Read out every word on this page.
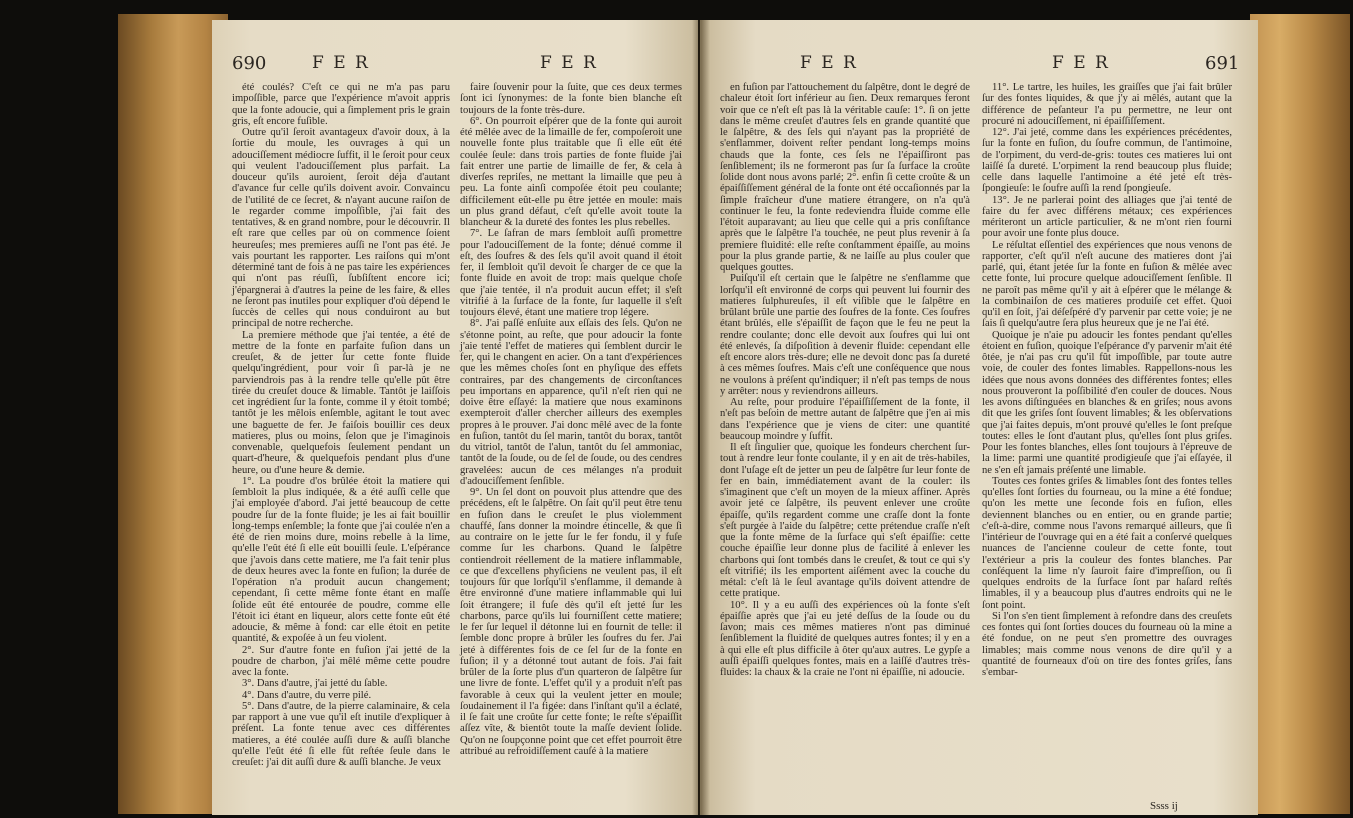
690	F E R	F E R	F E R	F E R	691

été coulés? C'eſt ce qui ne m'a pas paru impoſſible, parce que l'expérience m'avoit appris que la fonte adoucie, qui a ſimplement pris le grain gris, eſt encore fuſible.

Outre qu'il ſeroit avantageux d'avoir doux, à la ſortie du moule, les ouvrages à qui un adouciſſement médiocre ſuffit, il le ſeroit pour ceux qui veulent l'adouciſſement plus parfait. La douceur qu'ils auroient, ſeroit déja d'autant d'avance fur celle qu'ils doivent avoir. Convaincu de l'utilité de ce ſecret, & n'ayant aucune raiſon de le regarder comme impoſſible, j'ai fait des tentatives, & en grand nombre, pour le découvrir. Il eſt rare que celles par où on commence ſoient heureuſes; mes premieres auſſi ne l'ont pas été. Je vais pourtant les rapporter. Les raiſons qui m'ont déterminé tant de fois à ne pas taire les expériences qui n'ont pas réuſſi, ſubſiſtent encore ici; j'épargnerai à d'autres la peine de les faire, & elles ne ſeront pas inutiles pour expliquer d'où dépend le ſuccès de celles qui nous conduiront au but principal de notre recherche.

La premiere méthode que j'ai tentée, a été de mettre de la fonte en parfaite fuſion dans un creuſet, & de jetter ſur cette fonte fluide quelqu'ingrédient, pour voir ſi par-là je ne parviendrois pas à la rendre telle qu'elle pût être tirée du creuſet douce & limable. Tantôt je laiſſois cet ingrédient ſur la fonte, comme il y étoit tombé; tantôt je les mêlois enſemble, agitant le tout avec une baguette de fer. Je faiſois bouillir ces deux matieres, plus ou moins, ſelon que je l'imaginois convenable, quelquefois ſeulement pendant un quart-d'heure, & quelquefois pendant plus d'une heure, ou d'une heure & demie.

1°. La poudre d'os brûlée étoit la matiere qui ſembloit la plus indiquée, & a été auſſi celle que j'ai employée d'abord. J'ai jetté beaucoup de cette poudre ſur de la fonte fluide; je les ai fait bouillir long-temps enſemble; la fonte que j'ai coulée n'en a été de rien moins dure, moins rebelle à la lime, qu'elle l'eût été ſi elle eût bouilli ſeule. L'eſpérance que j'avois dans cette matiere, me l'a fait tenir plus de deux heures avec la fonte en fuſion; la durée de l'opération n'a produit aucun changement; cependant, ſi cette même fonte étant en maſſe ſolide eût été entourée de poudre, comme elle l'étoit ici étant en liqueur, alors cette fonte eût été adoucie, & même à fond: car elle étoit en petite quantité, & expoſée à un feu violent.

2°. Sur d'autre fonte en fuſion j'ai jetté de la poudre de charbon, j'ai mêlé même cette poudre avec la fonte.

3°. Dans d'autre, j'ai jetté du ſable.

4°. Dans d'autre, du verre pilé.

5°. Dans d'autre, de la pierre calaminaire, & cela par rapport à une vue qu'il eſt inutile d'expliquer à préſent. La fonte tenue avec ces différentes matieres, a été coulée auſſi dure & auſſi blanche qu'elle l'eût été ſi elle fût reſtée ſeule dans le creuſet: j'ai dit auſſi dure & auſſi blanche. Je veux

faire ſouvenir pour la ſuite, que ces deux termes ſont ici ſynonymes: de la fonte bien blanche eſt toujours de la fonte très-dure.

6°. On pourroit eſpérer que de la fonte qui auroit été mêlée avec de la limaille de fer, compoſeroit une nouvelle fonte plus traitable que ſi elle eût été coulée ſeule: dans trois parties de fonte fluide j'ai fait entrer une partie de limaille de fer, & cela à diverſes repriſes, ne mettant la limaille que peu à peu. La fonte ainſi compoſée étoit peu coulante; difficilement eût-elle pu être jettée en moule: mais un plus grand défaut, c'eſt qu'elle avoit toute la blancheur & la dureté des fontes les plus rebelles.

7°. Le ſafran de mars ſembloit auſſi promettre pour l'adouciſſement de la fonte; dénué comme il eſt, des ſoufres & des ſels qu'il avoit quand il étoit fer, il ſembloit qu'il devoit ſe charger de ce que la fonte fluide en avoit de trop: mais quelque choſe que j'aie tentée, il n'a produit aucun effet; il s'eſt vitrifié à la ſurface de la fonte, ſur laquelle il s'eſt toujours élevé, étant une matiere trop légere.

8°. J'ai paſſé enſuite aux eſſais des ſels. Qu'on ne s'étonne point, au reſte, que pour adoucir la fonte j'aie tenté l'effet de matieres qui ſemblent durcir le fer, qui le changent en acier. On a tant d'expériences que les mêmes choſes ſont en phyſique des effets contraires, par des changements de circonſtances peu importans en apparence, qu'il n'eſt rien qui ne doive être eſſayé: la matiere que nous examinons exempteroit d'aller chercher ailleurs des exemples propres à le prouver. J'ai donc mêlé avec de la fonte en fuſion, tantôt du ſel marin, tantôt du borax, tantôt du vitriol, tantôt de l'alun, tantôt du ſel ammoniac, tantôt de la ſoude, ou de ſel de ſoude, ou des cendres gravelées: aucun de ces mélanges n'a produit d'adouciſſement ſenſible.

9°. Un ſel dont on pouvoit plus attendre que des précédens, eſt le ſalpêtre. On ſait qu'il peut être tenu en fuſion dans le creuſet le plus violemment chauffé, ſans donner la moindre étincelle, & que ſi au contraire on le jette ſur le fer fondu, il y fuſe comme ſur les charbons. Quand le ſalpêtre contiendroit réellement de la matiere inflammable, ce que d'excellens phyſiciens ne veulent pas, il eſt toujours ſûr que lorſqu'il s'enflamme, il demande à être environné d'une matiere inflammable qui lui ſoit étrangere; il fuſe dès qu'il eſt jetté ſur les charbons, parce qu'ils lui fourniſſent cette matiere; le fer ſur lequel il détonne lui en fournit de telle: il ſemble donc propre à brûler les ſoufres du fer. J'ai jeté à différentes fois de ce ſel ſur de la fonte en fuſion; il y a détonné tout autant de fois. J'ai fait brûler de la ſorte plus d'un quarteron de ſalpêtre ſur une livre de fonte. L'effet qu'il y a produit n'eſt pas favorable à ceux qui la veulent jetter en moule; ſoudainement il l'a figée: dans l'inſtant qu'il a éclaté, il ſe fait une croûte ſur cette fonte; le reſte s'épaiſſit aſſez vîte, & bientôt toute la maſſe devient ſolide. Qu'on ne ſoupçonne point que cet effet pourroit être attribué au refroidiſſement cauſé à la matiere

en fuſion par l'attouchement du ſalpêtre, dont le degré de chaleur étoit ſort inférieur au ſien. Deux remarques feront voir que ce n'eſt eſt pas là la véritable cauſe: 1°. ſi on jette dans le même creuſet d'autres ſels en grande quantité que le ſalpêtre, & des ſels qui n'ayant pas la propriété de s'enflammer, doivent reſter pendant long-temps moins chauds que la fonte, ces ſels ne l'épaiſſiront pas ſenſiblement; ils ne formeront pas ſur ſa ſurface la croûte ſolide dont nous avons parlé; 2°. enfin ſi cette croûte & un épaiſſiſſement général de la fonte ont été occaſionnés par la ſimple fraîcheur d'une matiere étrangere, on n'a qu'à continuer le feu, la fonte redeviendra fluide comme elle l'étoit auparavant; au lieu que celle qui a pris conſiſtance après que le ſalpêtre l'a touchée, ne peut plus revenir à ſa premiere fluidité: elle reſte conſtamment épaiſſe, au moins pour la plus grande partie, & ne laiſſe au plus couler que quelques gouttes.

Puiſqu'il eſt certain que le ſalpêtre ne s'enflamme que lorſqu'il eſt environné de corps qui peuvent lui fournir des matieres ſulphureuſes, il eſt viſible que le ſalpêtre en brûlant brûle une partie des ſoufres de la fonte. Ces ſoufres étant brûlés, elle s'épaiſſit de façon que le feu ne peut la rendre coulante; donc elle devoit aux ſoufres qui lui ont été enlevés, ſa diſpoſition à devenir fluide: cependant elle eſt encore alors très-dure; elle ne devoit donc pas ſa dureté à ces mêmes ſoufres. Mais c'eſt une conſéquence que nous ne voulons à préſent qu'indiquer; il n'eſt pas temps de nous y arrêter: nous y reviendrons ailleurs.

Au reſte, pour produire l'épaiſſiſſement de la fonte, il n'eſt pas beſoin de mettre autant de ſalpêtre que j'en ai mis dans l'expérience que je viens de citer: une quantité beaucoup moindre y ſuffit.

Il eſt ſingulier que, quoique les fondeurs cherchent ſur-tout à rendre leur fonte coulante, il y en ait de très-habiles, dont l'uſage eſt de jetter un peu de ſalpêtre ſur leur fonte de fer en bain, immédiatement avant de la couler: ils s'imaginent que c'eſt un moyen de la mieux affiner. Après avoir jeté ce ſalpêtre, ils peuvent enlever une croûte épaiſſe, qu'ils regardent comme une craſſe dont la fonte s'eſt purgée à l'aide du ſalpêtre; cette prétendue craſſe n'eſt que la fonte même de la ſurface qui s'eſt épaiſſie: cette couche épaiſſie leur donne plus de facilité à enlever les charbons qui ſont tombés dans le creuſet, & tout ce qui s'y eſt vitrifié; ils les emportent aiſément avec la couche du métal: c'eſt là le ſeul avantage qu'ils doivent attendre de cette pratique.

10°. Il y a eu auſſi des expériences où la fonte s'eſt épaiſſie après que j'ai eu jeté deſſus de la ſoude ou du ſavon; mais ces mêmes matieres n'ont pas diminué ſenſiblement la fluidité de quelques autres fontes; il y en a à qui elle eſt plus difficile à ôter qu'aux autres. Le gypſe a auſſi épaiſſi quelques fontes, mais en a laiſſé d'autres très-fluides: la chaux & la craie ne l'ont ni épaiſſie, ni adoucie.

11°. Le tartre, les huiles, les graiſſes que j'ai fait brûler ſur des fontes liquides, & que j'y ai mêlés, autant que la différence de peſanteur l'a pu permettre, ne leur ont procuré ni adouciſſement, ni épaiſſiſſement.

12°. J'ai jeté, comme dans les expériences précédentes, ſur la fonte en fuſion, du ſoufre commun, de l'antimoine, de l'orpiment, du verd-de-gris: toutes ces matieres lui ont laiſſé ſa dureté. L'orpiment la rend beaucoup plus fluide; celle dans laquelle l'antimoine a été jeté eſt très-ſpongieuſe: le ſoufre auſſi la rend ſpongieuſe.

13°. Je ne parlerai point des alliages que j'ai tenté de faire du fer avec différens métaux; ces expériences mériteront un article particulier, & ne m'ont rien fourni pour avoir une fonte plus douce.

Le réſultat eſſentiel des expériences que nous venons de rapporter, c'eſt qu'il n'eſt aucune des matieres dont j'ai parlé, qui, étant jetée ſur la fonte en fuſion & mêlée avec cette fonte, lui procure quelque adouciſſement ſenſible. Il ne paroît pas même qu'il y ait à eſpérer que le mélange & la combinaiſon de ces matieres produiſe cet effet. Quoi qu'il en ſoit, j'ai déſeſpéré d'y parvenir par cette voie; je ne ſais ſi quelqu'autre ſera plus heureux que je ne l'ai été.

Quoique je n'aie pu adoucir les fontes pendant qu'elles étoient en fuſion, quoique l'eſpérance d'y parvenir m'ait été ôtée, je n'ai pas cru qu'il fût impoſſible, par toute autre voie, de couler des fontes limables. Rappellons-nous les idées que nous avons données des différentes fontes; elles nous prouveront la poſſibilité d'en couler de douces. Nous les avons diſtinguées en blanches & en griſes; nous avons dit que les griſes ſont ſouvent limables; & les obſervations que j'ai faites depuis, m'ont prouvé qu'elles le ſont preſque toutes: elles le ſont d'autant plus, qu'elles ſont plus griſes. Pour les fontes blanches, elles ſont toujours à l'épreuve de la lime: parmi une quantité prodigieuſe que j'ai eſſayée, il ne s'en eſt jamais préſenté une limable.

Toutes ces fontes griſes & limables ſont des fontes telles qu'elles ſont ſorties du fourneau, ou la mine a été fondue; qu'on les mette une ſeconde fois en fuſion, elles deviennent blanches ou en entier, ou en grande partie; c'eſt-à-dire, comme nous l'avons remarqué ailleurs, que ſi l'intérieur de l'ouvrage qui en a été fait a conſervé quelques nuances de l'ancienne couleur de cette fonte, tout l'extérieur a pris la couleur des fontes blanches. Par conſéquent la lime n'y ſauroit faire d'impreſſion, ou ſi quelques endroits de la ſurface ſont par haſard reſtés limables, il y a beaucoup plus d'autres endroits qui ne le ſont point.

Si l'on s'en tient ſimplement à refondre dans des creuſets ces fontes qui ſont ſorties douces du fourneau où la mine a été fondue, on ne peut s'en promettre des ouvrages limables; mais comme nous venons de dire qu'il y a quantité de fourneaux d'où on tire des fontes griſes, ſans s'embar-

Ssss ij
